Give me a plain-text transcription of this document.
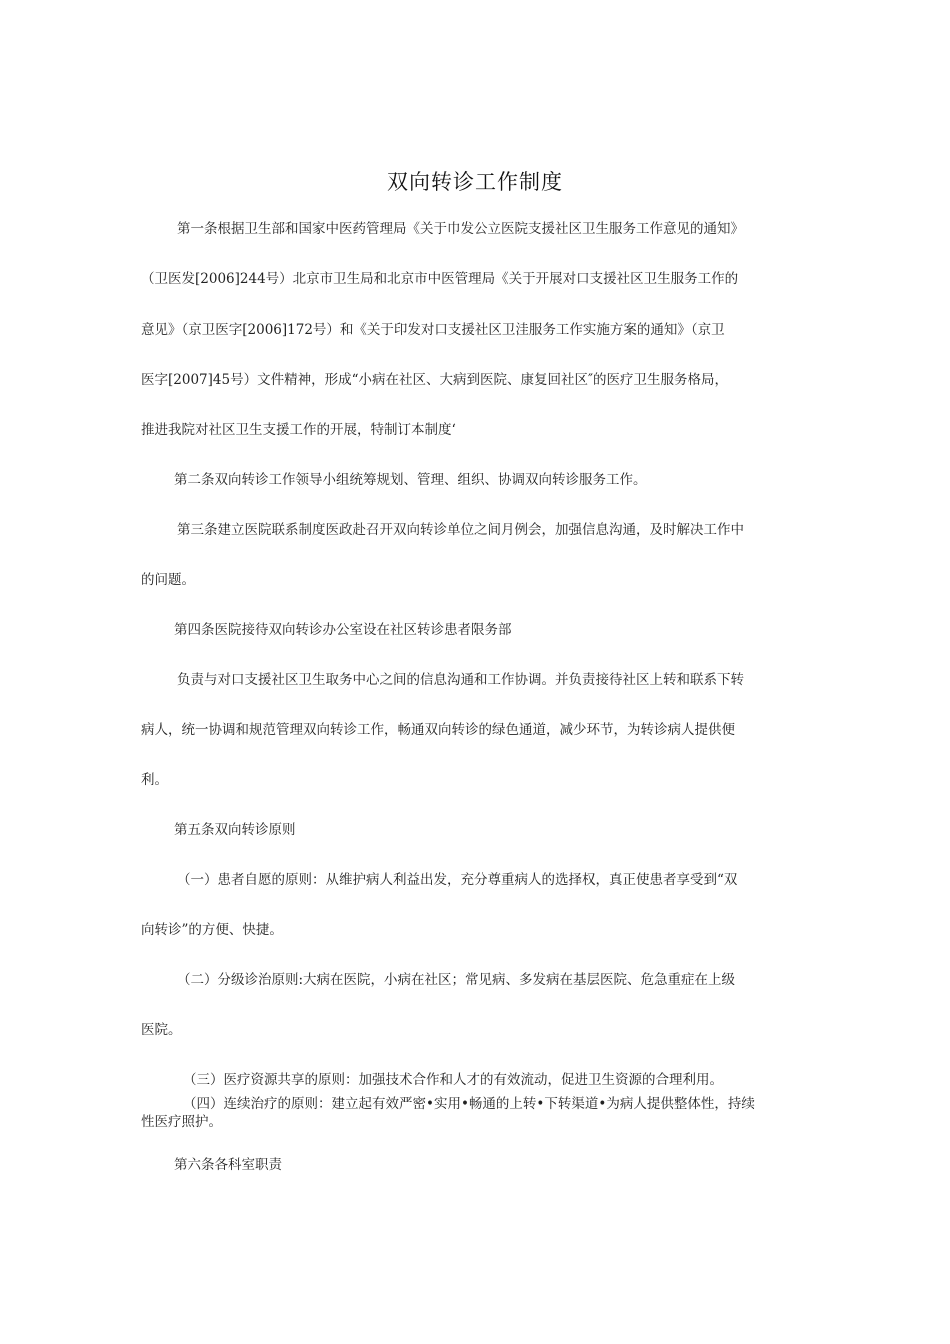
双向转诊工作制度
第一条根据卫生部和国家中医药管理局《关于巾发公立医院支援社区卫生服务工作意见的通知》
（卫医发[2006]244号）北京市卫生局和北京市中医管理局《关于开展对口支援社区卫生服务工作的
意见》（京卫医字[2006]172号）和《关于印发对口支援社区卫洼服务工作实施方案的通知》（京卫
医字[2007]45号）文件精神，形成“小病在社区、大病到医院、康复回社区″的医疗卫生服务格局，
推进我院对社区卫生支援工作的开展，特制订本制度‘
第二条双向转诊工作领导小组统筹规划、管理、组织、协调双向转诊服务工作。
第三条建立医院联系制度医政赴召开双向转诊单位之间月例会，加强信息沟通，及时解决工作中
的问题。
第四条医院接待双向转诊办公室设在社区转诊患者限务部
负责与对口支援社区卫生取务中心之间的信息沟通和工作协调。并负责接待社区上转和联系下转
病人，统一协调和规范管理双向转诊工作，畅通双向转诊的绿色通道，减少环节，为转诊病人提供便
利。
第五条双向转诊原则
（一）患者自愿的原则：从维护病人利益出发，充分尊重病人的选择权，真正使患者享受到“双
向转诊”的方便、快捷。
（二）分级诊治原则:大病在医院，小病在社区；常见病、多发病在基层医院、危急重症在上级
医院。
（三）医疗资源共享的原则：加强技术合作和人才的有效流动，促进卫生资源的合理利用。
（四）连续治疗的原则：建立起有效严密•实用•畅通的上转•下转渠道•为病人提供整体性，持续
性医疗照护。
第六条各科室职责
